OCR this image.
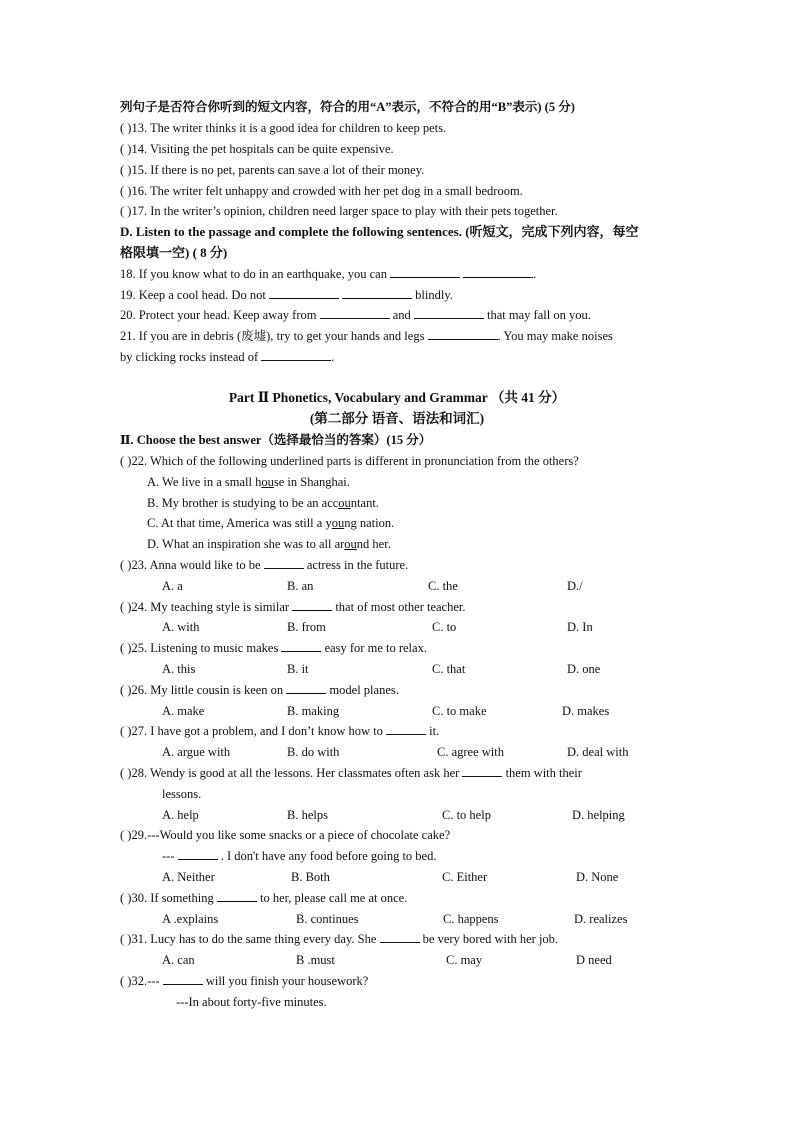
列句子是否符合你听到的短文内容，符合的用“A”表示，不符合的用“B”表示) (5 分)
( )13. The writer thinks it is a good idea for children to keep pets.
( )14. Visiting the pet hospitals can be quite expensive.
( )15. If there is no pet, parents can save a lot of their money.
( )16. The writer felt unhappy and crowded with her pet dog in a small bedroom.
( )17. In the writer’s opinion, children need larger space to play with their pets together.
D. Listen to the passage and complete the following sentences. (听短文，完成下列内容，每空
格限填一空) ( 8 分)
18. If you know what to do in an earthquake, you can	.
19. Keep a cool head. Do not	blindly.
20. Protect your head. Keep away from	and	that may fall on you.
21. If you are in debris (废墟), try to get your hands and legs	. You may make noises
by clicking rocks instead of	.
Part Ⅱ Phonetics, Vocabulary and Grammar （共 41 分）
(第二部分 语音、语法和词汇)
Ⅱ. Choose the best answer（选择最恰当的答案）(15 分）
( )22. Which of the following underlined parts is different in pronunciation from the others?
A. We live in a small house in Shanghai.
B. My brother is studying to be an accountant.
C. At that time, America was still a young nation.
D. What an inspiration she was to all around her.
( )23. Anna would like to be	actress in the future.
A. a	B. an	C. the	D./
( )24. My teaching style is similar	that of most other teacher.
A. with	B. from	C. to	D. In
( )25. Listening to music makes	easy for me to relax.
A. this	B. it	C. that	D. one
( )26. My little cousin is keen on	model planes.
A. make	B. making	C. to make	D. makes
( )27. I have got a problem, and I don’t know how to	it.
A. argue with	B. do with	C. agree with	D. deal with
( )28. Wendy is good at all the lessons. Her classmates often ask her	them with their
lessons.
A. help	B. helps	C. to help	D. helping
( )29.---Would you like some snacks or a piece of chocolate cake?
---	. I don't have any food before going to bed.
A. Neither	B. Both	C. Either	D. None
( )30. If something	to her, please call me at once.
A .explains	B. continues	C. happens	D. realizes
( )31. Lucy has to do the same thing every day. She	be very bored with her job.
A. can	B .must	C. may	D need
( )32.---	will you finish your housework?
---In about forty-five minutes.
